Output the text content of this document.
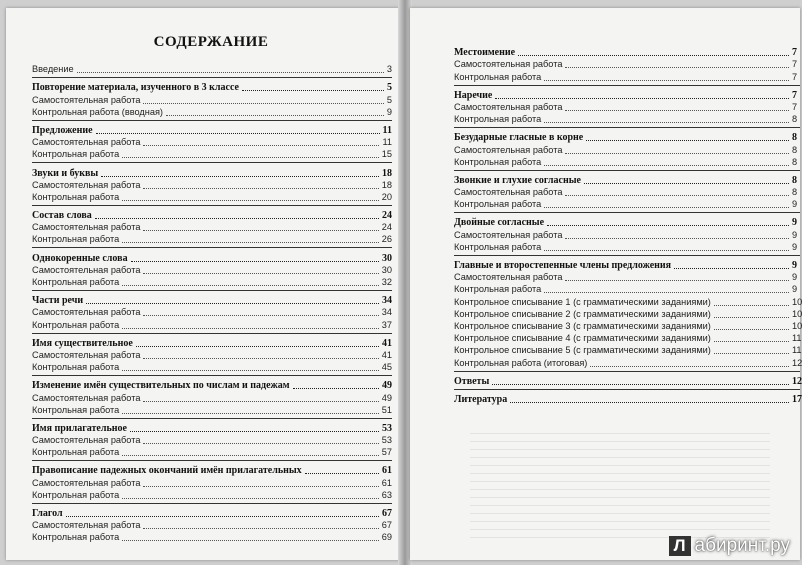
СОДЕРЖАНИЕ
Введение	3
Повторение материала, изученного в 3 классе	5
Самостоятельная работа	5
Контрольная работа (вводная)	9
Предложение	11
Самостоятельная работа	11
Контрольная работа	15
Звуки и буквы	18
Самостоятельная работа	18
Контрольная работа	20
Состав слова	24
Самостоятельная работа	24
Контрольная работа	26
Однокоренные слова	30
Самостоятельная работа	30
Контрольная работа	32
Части речи	34
Самостоятельная работа	34
Контрольная работа	37
Имя существительное	41
Самостоятельная работа	41
Контрольная работа	45
Изменение имён существительных по числам и падежам	49
Самостоятельная работа	49
Контрольная работа	51
Имя прилагательное	53
Самостоятельная работа	53
Контрольная работа	57
Правописание падежных окончаний имён прилагательных	61
Самостоятельная работа	61
Контрольная работа	63
Глагол	67
Самостоятельная работа	67
Контрольная работа	69
Местоимение	7
Самостоятельная работа	7
Контрольная работа	7
Наречие	7
Самостоятельная работа	7
Контрольная работа	8
Безударные гласные в корне	8
Самостоятельная работа	8
Контрольная работа	8
Звонкие и глухие согласные	8
Самостоятельная работа	8
Контрольная работа	9
Двойные согласные	9
Самостоятельная работа	9
Контрольная работа	9
Главные и второстепенные члены предложения	9
Самостоятельная работа	9
Контрольная работа	9
Контрольное списывание 1 (с грамматическими заданиями)	10
Контрольное списывание 2 (с грамматическими заданиями)	10
Контрольное списывание 3 (с грамматическими заданиями)	10
Контрольное списывание 4 (с грамматическими заданиями)	11
Контрольное списывание 5 (с грамматическими заданиями)	11
Контрольная работа (итоговая)	12
Ответы	12
Литература	17
Л абиринт.ру
